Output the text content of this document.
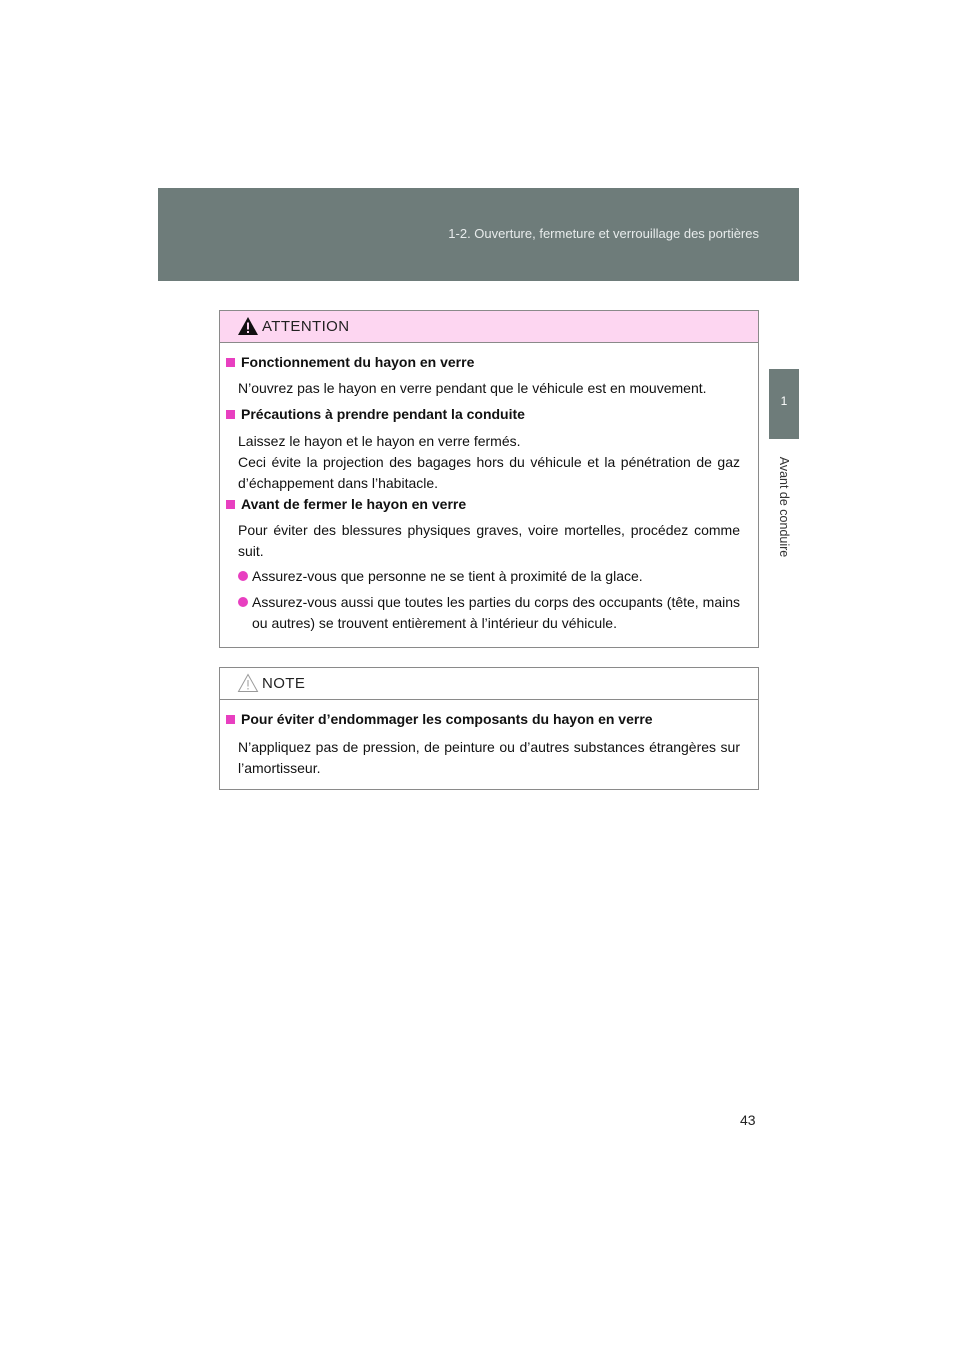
1-2. Ouverture, fermeture et verrouillage des portières
1
Avant de conduire
ATTENTION
Fonctionnement du hayon en verre
N’ouvrez pas le hayon en verre pendant que le véhicule est en mouvement.
Précautions à prendre pendant la conduite
Laissez le hayon et le hayon en verre fermés.
Ceci évite la projection des bagages hors du véhicule et la pénétration de gaz d’échappement dans l’habitacle.
Avant de fermer le hayon en verre
Pour éviter des blessures physiques graves, voire mortelles, procédez comme suit.
Assurez-vous que personne ne se tient à proximité de la glace.
Assurez-vous aussi que toutes les parties du corps des occupants (tête, mains ou autres) se trouvent entièrement à l’intérieur du véhicule.
NOTE
Pour éviter d’endommager les composants du hayon en verre
N’appliquez pas de pression, de peinture ou d’autres substances étrangères sur l’amortisseur.
43
